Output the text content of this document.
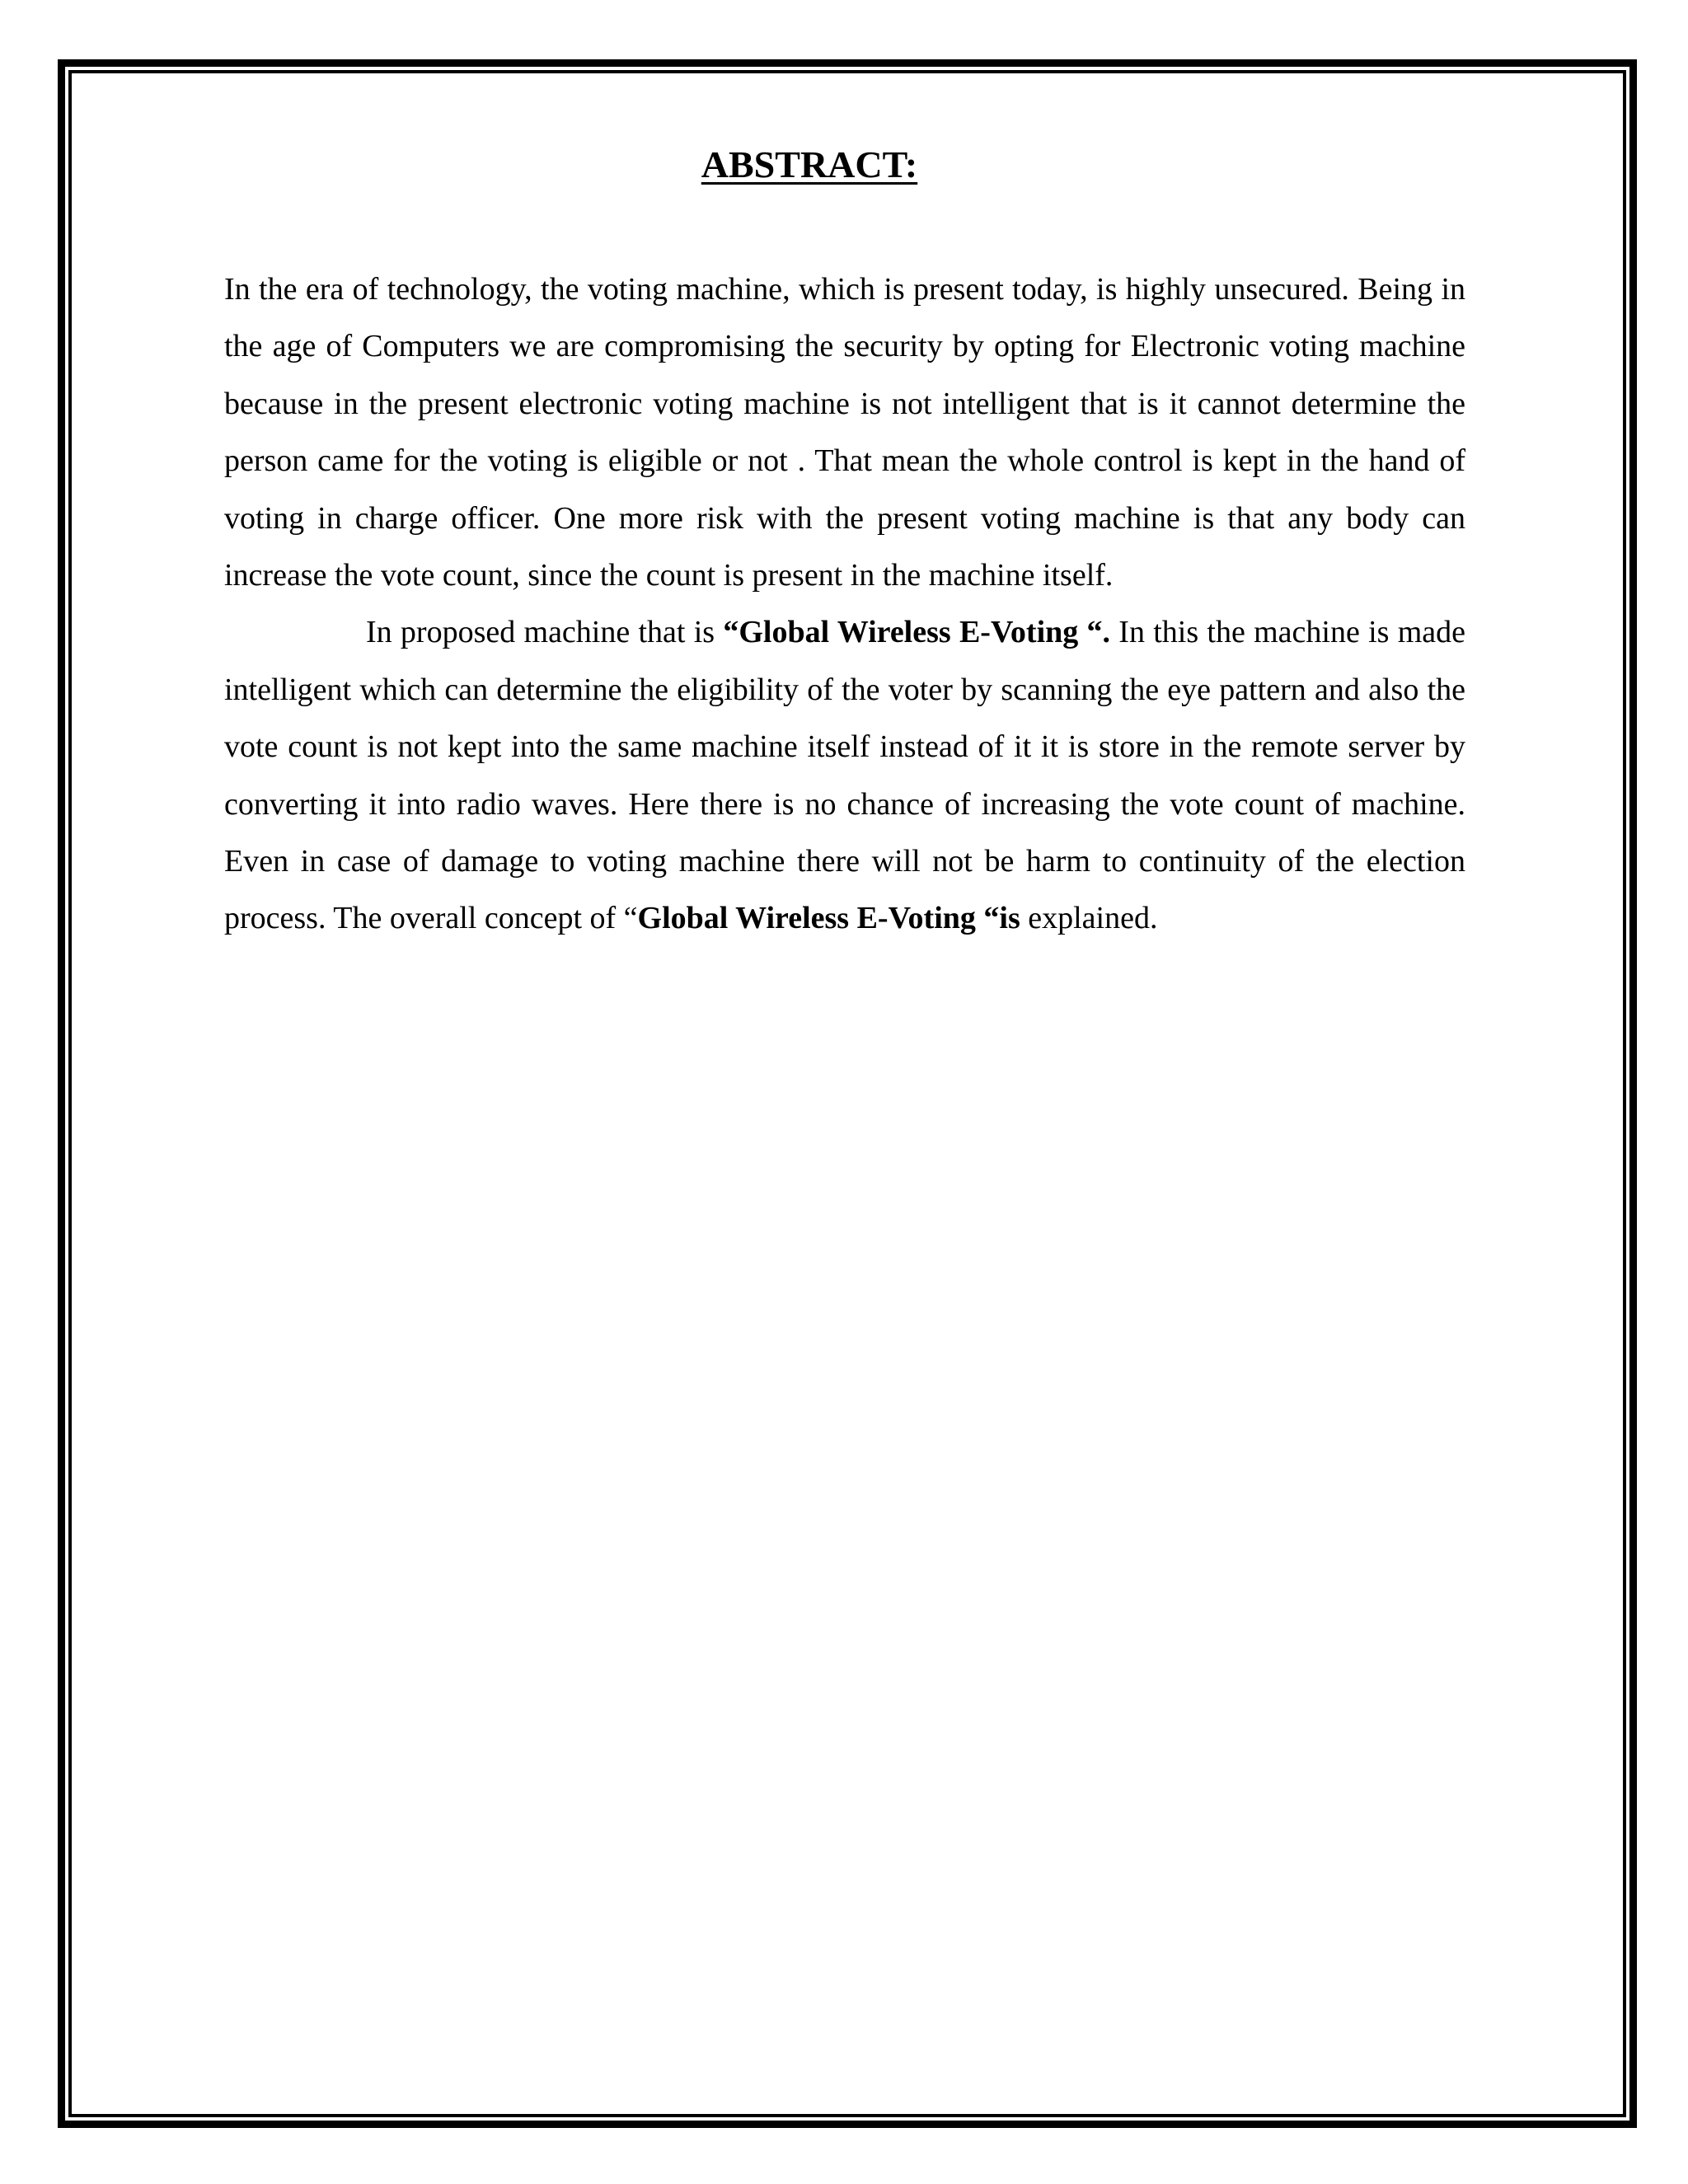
ABSTRACT:

In the era of technology, the voting machine, which is present today, is highly unsecured. Being in the age of Computers we are compromising the security by opting for Electronic voting machine because in the present electronic voting machine is not intelligent that is it cannot determine the person came for the voting is eligible or not . That mean the whole control is kept in the hand of voting in charge officer. One more risk with the present voting machine is that any body can increase the vote count, since the count is present in the machine itself.

In proposed machine that is “Global Wireless E-Voting “. In this the machine is made intelligent which can determine the eligibility of the voter by scanning the eye pattern and also the vote count is not kept into the same machine itself instead of it it is store in the remote server by converting it into radio waves. Here there is no chance of increasing the vote count of machine. Even in case of damage to voting machine there will not be harm to continuity of the election process. The overall concept of “Global Wireless E-Voting “is explained.
